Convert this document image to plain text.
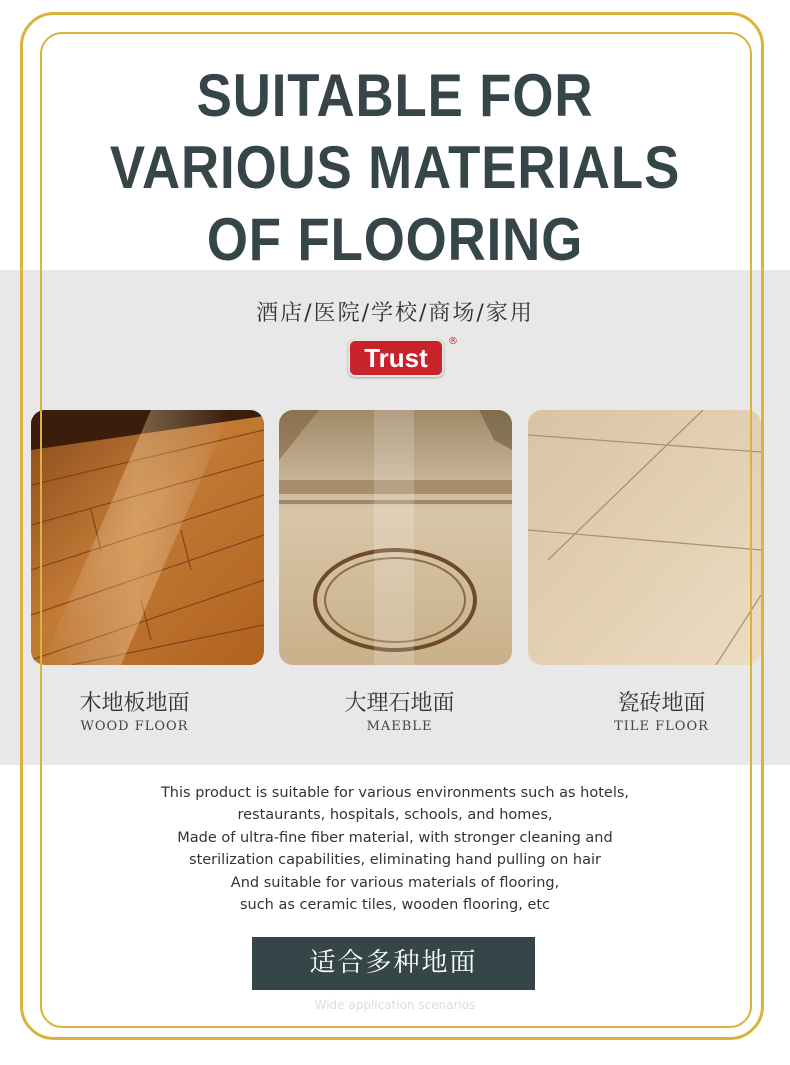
SUITABLE FOR
VARIOUS MATERIALS
OF FLOORING
酒店/医院/学校/商场/家用
Trust
®
木地板地面
WOOD FLOOR
大理石地面
MAEBLE
瓷砖地面
TILE FLOOR
This product is suitable for various environments such as hotels,
restaurants, hospitals, schools, and homes,
Made of ultra-fine fiber material, with stronger cleaning and
sterilization capabilities, eliminating hand pulling on hair
And suitable for various materials of flooring,
such as ceramic tiles, wooden flooring, etc
适合多种地面
Wide application scenarios
